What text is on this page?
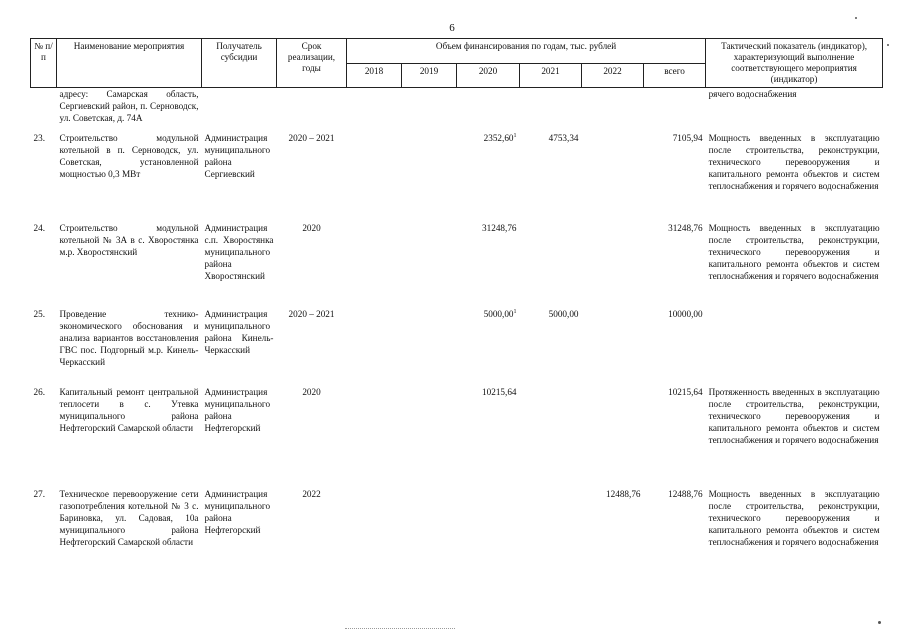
6
№ п/п	Наименование мероприятия	Получатель субсидии	Срок реализации, годы	Объем финансирования по годам, тыс. рублей						Тактический показатель (индикатор), характеризующий выполнение соответствующего мероприятия (индикатор)
				2018	2019	2020	2021	2022	всего	
	адресу: Самарская область, Сергиевский район, п. Серноводск, ул. Советская, д. 74А									рячего водоснабжения
23.	Строительство модульной котельной в п. Серноводск, ул. Советская, установленной мощностью 0,3 МВт	Администрация муниципального района Сергиевский	2020 – 2021			2352,60$^1$	4753,34		7105,94	Мощность введенных в эксплуатацию после строительства, реконструкции, технического перевооружения и капитального ремонта объектов и систем теплоснабжения и горячего водоснабжения
24.	Строительство модульной котельной № 3А в с. Хворостянка м.р. Хворостянский	Администрация с.п. Хворостянка муниципального района Хворостянский	2020			31248,76			31248,76	Мощность введенных в эксплуатацию после строительства, реконструкции, технического перевооружения и капитального ремонта объектов и систем теплоснабжения и горячего водоснабжения
25.	Проведение технико-экономического обоснования и анализа вариантов восстановления ГВС пос. Подгорный м.р. Кинель-Черкасский	Администрация муниципального района Кинель-Черкасский	2020 – 2021			5000,00$^1$	5000,00		10000,00	
26.	Капитальный ремонт центральной теплосети в с. Утевка муниципального района Нефтегорский Самарской области	Администрация муниципального района Нефтегорский	2020			10215,64			10215,64	Протяженность введенных в эксплуатацию после строительства, реконструкции, технического перевооружения и капитального ремонта объектов и систем теплоснабжения и горячего водоснабжения
27.	Техническое перевооружение сети газопотребления котельной № 3 с. Бариновка, ул. Садовая, 10а муниципального района Нефтегорский Самарской области	Администрация муниципального района Нефтегорский	2022					12488,76	12488,76	Мощность введенных в эксплуатацию после строительства, реконструкции, технического перевооружения и капитального ремонта объектов и систем теплоснабжения и горячего водоснабжения
